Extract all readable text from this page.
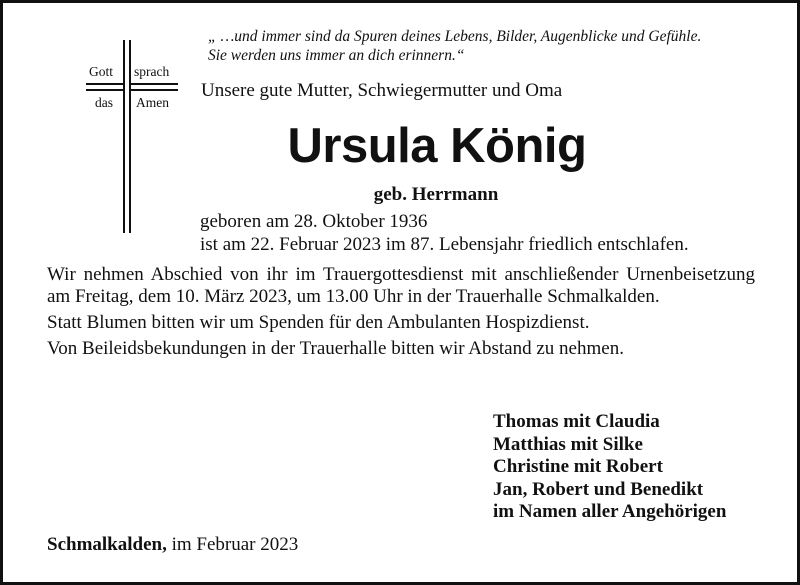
„ …und immer sind da Spuren deines Lebens, Bilder, Augenblicke und Gefühle.
Sie werden uns immer an dich erinnern.“
Gott sprach
das Amen
Unsere gute Mutter, Schwiegermutter und Oma
Ursula König
geb. Herrmann
geboren am 28. Oktober 1936
ist am 22. Februar 2023 im 87. Lebensjahr friedlich entschlafen.

Wir nehmen Abschied von ihr im Trauergottesdienst mit anschließender Urnenbeisetzung am Freitag, dem 10. März 2023, um 13.00 Uhr in der Trauerhalle Schmalkalden.

Statt Blumen bitten wir um Spenden für den Ambulanten Hospizdienst.

Von Beileidsbekundungen in der Trauerhalle bitten wir Abstand zu nehmen.

Thomas mit Claudia
Matthias mit Silke
Christine mit Robert
Jan, Robert und Benedikt
im Namen aller Angehörigen
Schmalkalden, im Februar 2023
